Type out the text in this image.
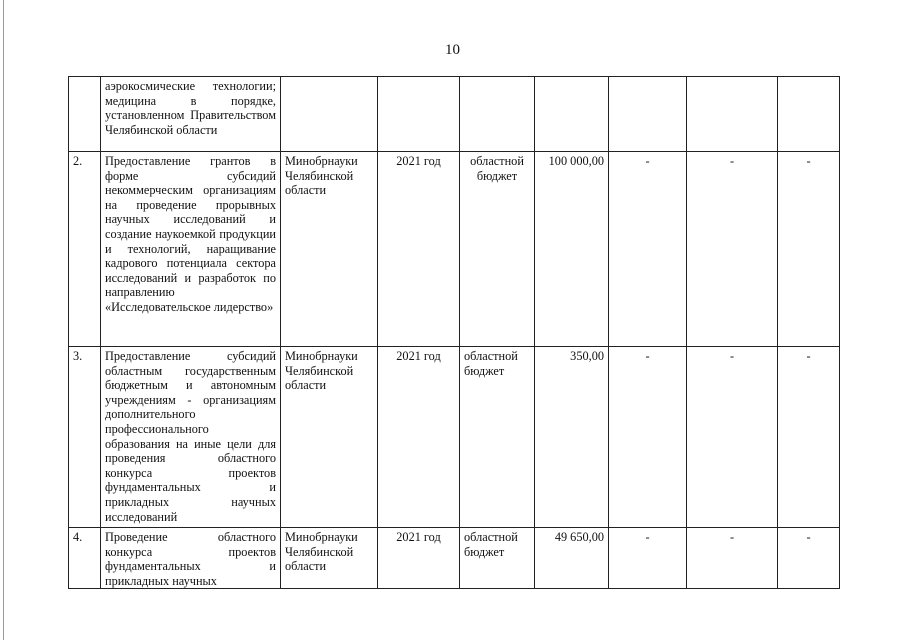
10
	аэрокосмические технологии; медицина в порядке, установленном Правительством Челябинской области							
2.	Предоставление грантов в форме субсидий некоммерческим организациям на проведение прорывных научных исследований и создание наукоемкой продукции и технологий, наращивание кадрового потенциала сектора исследований и разработок по направлению «Исследовательское лидерство»	Минобрнауки Челябинской области	2021 год	областной бюджет	100 000,00	-	-	-
3.	Предоставление субсидий областным государственным бюджетным и автономным учреждениям - организациям дополнительного профессионального образования на иные цели для проведения областного конкурса проектов фундаментальных и прикладных научных исследований	Минобрнауки Челябинской области	2021 год	областной бюджет	350,00	-	-	-
4.	Проведение областного конкурса проектов фундаментальных и прикладных научных	Минобрнауки Челябинской области	2021 год	областной бюджет	49 650,00	-	-	-
